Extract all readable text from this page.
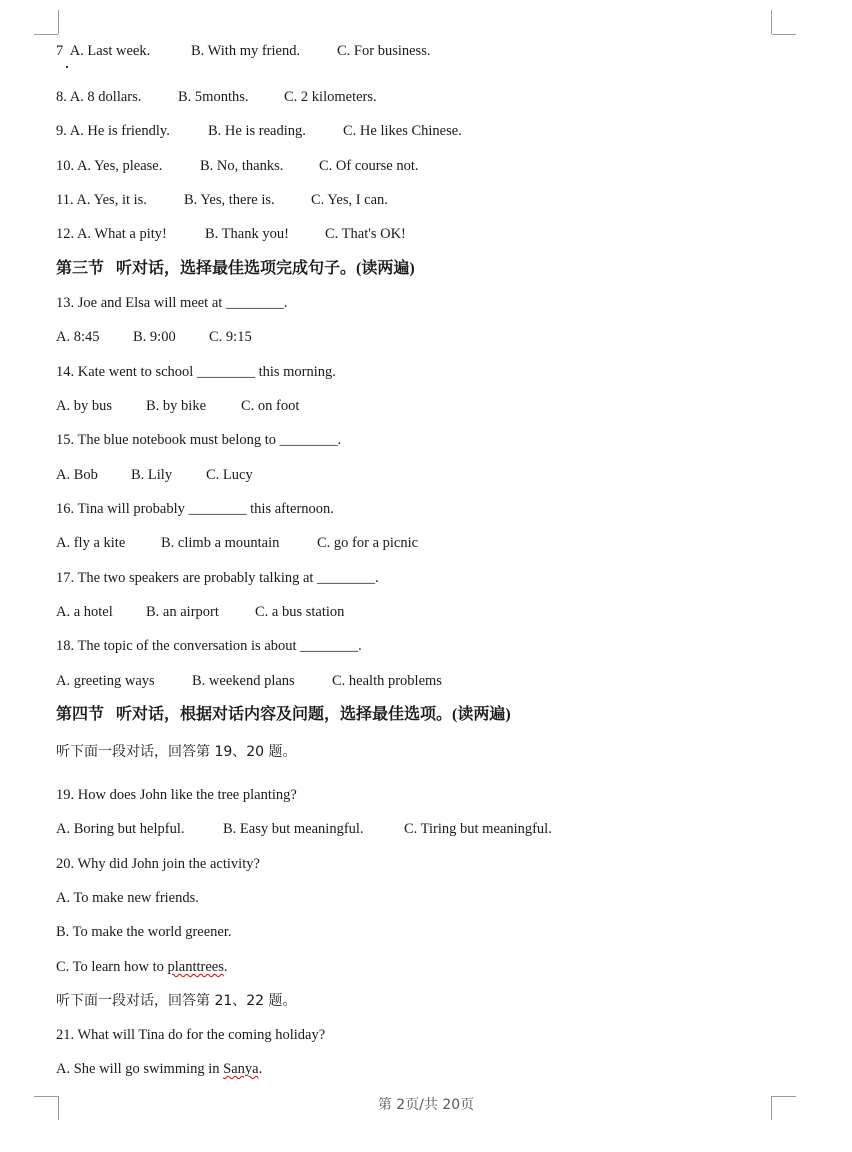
7  A. Last week.	B. With my friend.	C. For business.
8. A. 8 dollars.	B. 5months. C. 2 kilometers.
9. A. He is friendly.	B. He is reading.	C. He likes Chinese.
10. A. Yes, please.	B. No, thanks. C. Of course not.
11. A. Yes, it is.	B. Yes, there is.	C. Yes, I can.
12. A. What a pity!	B. Thank you! C. That's OK!
第三节   听对话，选择最佳选项完成句子。(读两遍)
13. Joe and Elsa will meet at ________.
A. 8:45 B. 9:00 C. 9:15
14. Kate went to school ________ this morning.
A. by bus B. by bike C. on foot
15. The blue notebook must belong to ________.
A. Bob B. Lily C. Lucy
16. Tina will probably ________ this afternoon.
A. fly a kite B. climb a mountain	C. go for a picnic
17. The two speakers are probably talking at ________.
A. a hotel B. an airport C. a bus station
18. The topic of the conversation is about ________.
A. greeting ways	B. weekend plans	C. health problems
第四节   听对话，根据对话内容及问题，选择最佳选项。(读两遍)
听下面一段对话，回答第 19、20 题。
19. How does John like the tree planting?
A. Boring but helpful.	B. Easy but meaningful.	C. Tiring but meaningful.
20. Why did John join the activity?
A. To make new friends.
B. To make the world greener.
C. To learn how to planttrees.
听下面一段对话，回答第 21、22 题。
21. What will Tina do for the coming holiday?
A. She will go swimming in Sanya.
第 2页/共 20页
